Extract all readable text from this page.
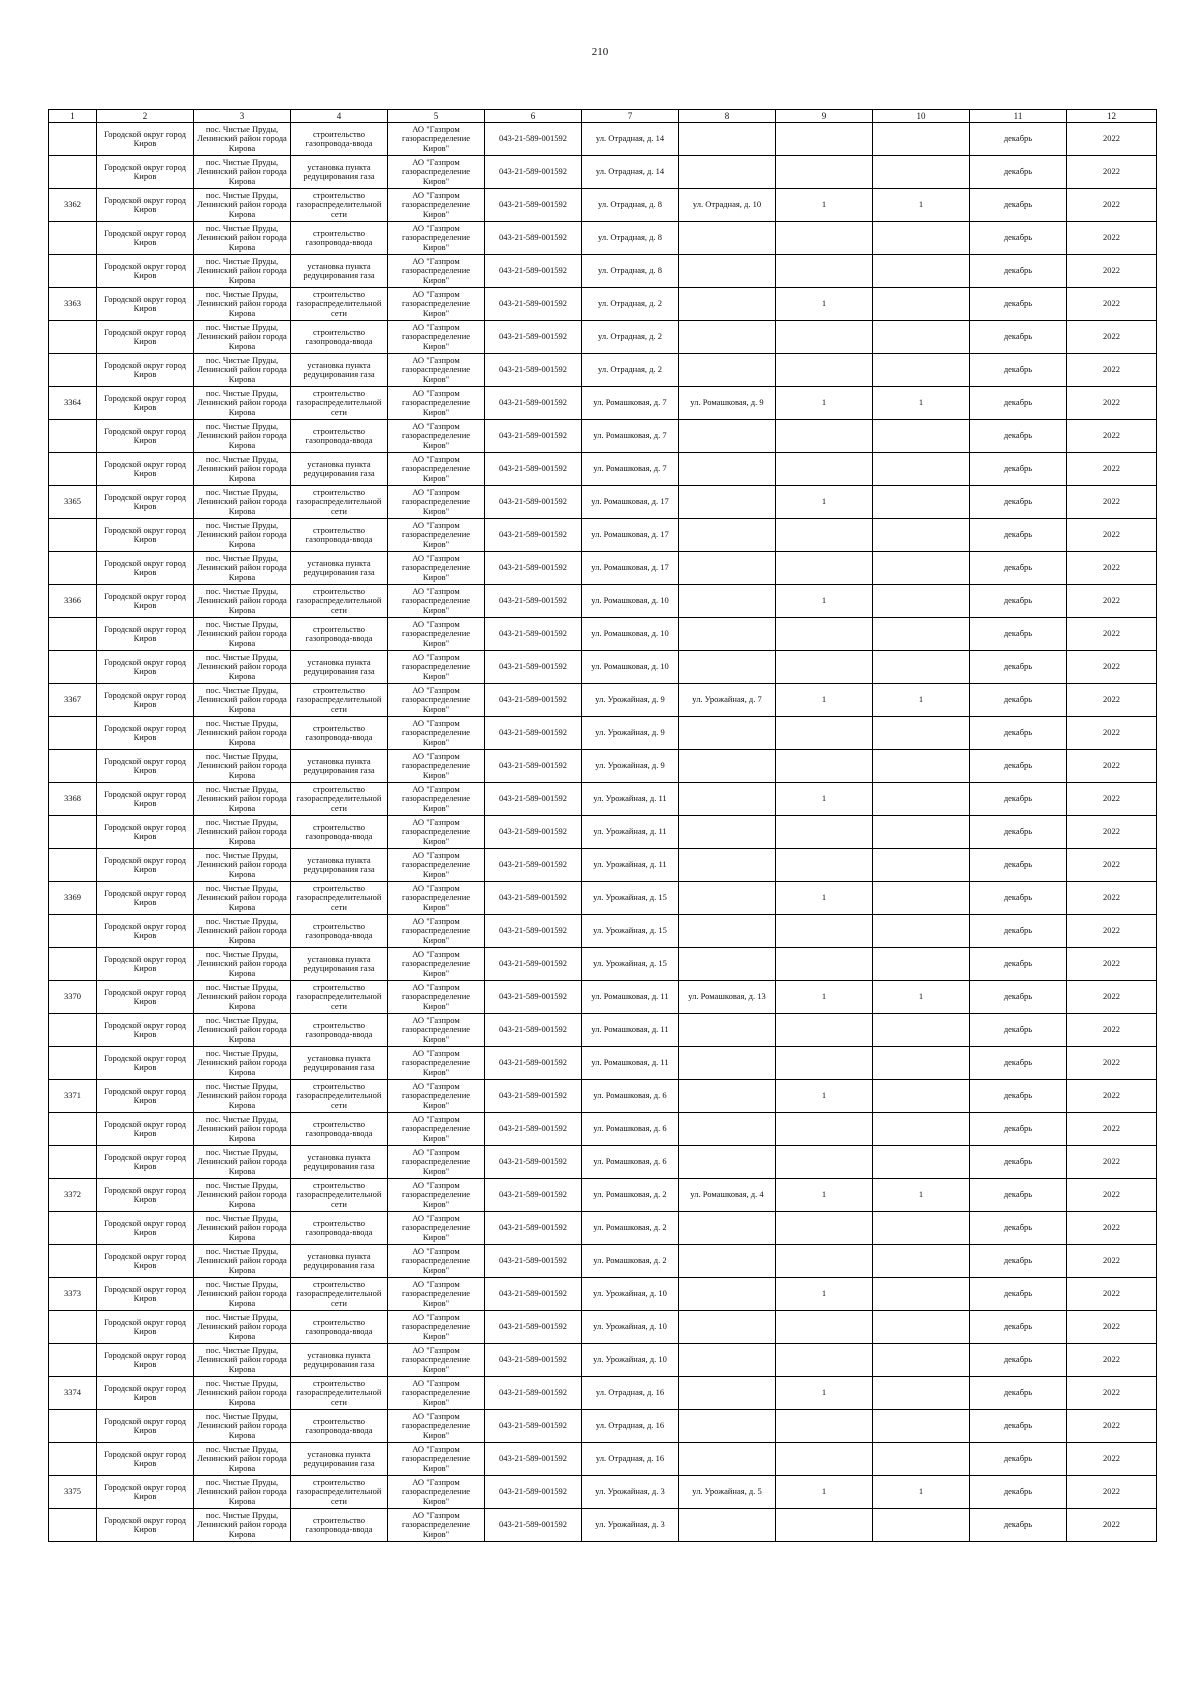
210
1	2	3	4	5	6	7	8	9	10	11	12
	Городской округ город Киров	пос. Чистые Пруды, Ленинский район города Кирова	строительство газопровода-ввода	АО "Газпром газораспределение Киров"	043-21-589-001592	ул. Отрадная, д. 14				декабрь	2022
	Городской округ город Киров	пос. Чистые Пруды, Ленинский район города Кирова	установка пункта редуцирования газа	АО "Газпром газораспределение Киров"	043-21-589-001592	ул. Отрадная, д. 14				декабрь	2022
3362	Городской округ город Киров	пос. Чистые Пруды, Ленинский район города Кирова	строительство газораспределительной сети	АО "Газпром газораспределение Киров"	043-21-589-001592	ул. Отрадная, д. 8	ул. Отрадная, д. 10	1	1	декабрь	2022
	Городской округ город Киров	пос. Чистые Пруды, Ленинский район города Кирова	строительство газопровода-ввода	АО "Газпром газораспределение Киров"	043-21-589-001592	ул. Отрадная, д. 8				декабрь	2022
	Городской округ город Киров	пос. Чистые Пруды, Ленинский район города Кирова	установка пункта редуцирования газа	АО "Газпром газораспределение Киров"	043-21-589-001592	ул. Отрадная, д. 8				декабрь	2022
3363	Городской округ город Киров	пос. Чистые Пруды, Ленинский район города Кирова	строительство газораспределительной сети	АО "Газпром газораспределение Киров"	043-21-589-001592	ул. Отрадная, д. 2		1		декабрь	2022
	Городской округ город Киров	пос. Чистые Пруды, Ленинский район города Кирова	строительство газопровода-ввода	АО "Газпром газораспределение Киров"	043-21-589-001592	ул. Отрадная, д. 2				декабрь	2022
	Городской округ город Киров	пос. Чистые Пруды, Ленинский район города Кирова	установка пункта редуцирования газа	АО "Газпром газораспределение Киров"	043-21-589-001592	ул. Отрадная, д. 2				декабрь	2022
3364	Городской округ город Киров	пос. Чистые Пруды, Ленинский район города Кирова	строительство газораспределительной сети	АО "Газпром газораспределение Киров"	043-21-589-001592	ул. Ромашковая, д. 7	ул. Ромашковая, д. 9	1	1	декабрь	2022
	Городской округ город Киров	пос. Чистые Пруды, Ленинский район города Кирова	строительство газопровода-ввода	АО "Газпром газораспределение Киров"	043-21-589-001592	ул. Ромашковая, д. 7				декабрь	2022
	Городской округ город Киров	пос. Чистые Пруды, Ленинский район города Кирова	установка пункта редуцирования газа	АО "Газпром газораспределение Киров"	043-21-589-001592	ул. Ромашковая, д. 7				декабрь	2022
3365	Городской округ город Киров	пос. Чистые Пруды, Ленинский район города Кирова	строительство газораспределительной сети	АО "Газпром газораспределение Киров"	043-21-589-001592	ул. Ромашковая, д. 17		1		декабрь	2022
	Городской округ город Киров	пос. Чистые Пруды, Ленинский район города Кирова	строительство газопровода-ввода	АО "Газпром газораспределение Киров"	043-21-589-001592	ул. Ромашковая, д. 17				декабрь	2022
	Городской округ город Киров	пос. Чистые Пруды, Ленинский район города Кирова	установка пункта редуцирования газа	АО "Газпром газораспределение Киров"	043-21-589-001592	ул. Ромашковая, д. 17				декабрь	2022
3366	Городской округ город Киров	пос. Чистые Пруды, Ленинский район города Кирова	строительство газораспределительной сети	АО "Газпром газораспределение Киров"	043-21-589-001592	ул. Ромашковая, д. 10		1		декабрь	2022
	Городской округ город Киров	пос. Чистые Пруды, Ленинский район города Кирова	строительство газопровода-ввода	АО "Газпром газораспределение Киров"	043-21-589-001592	ул. Ромашковая, д. 10				декабрь	2022
	Городской округ город Киров	пос. Чистые Пруды, Ленинский район города Кирова	установка пункта редуцирования газа	АО "Газпром газораспределение Киров"	043-21-589-001592	ул. Ромашковая, д. 10				декабрь	2022
3367	Городской округ город Киров	пос. Чистые Пруды, Ленинский район города Кирова	строительство газораспределительной сети	АО "Газпром газораспределение Киров"	043-21-589-001592	ул. Урожайная, д. 9	ул. Урожайная, д. 7	1	1	декабрь	2022
	Городской округ город Киров	пос. Чистые Пруды, Ленинский район города Кирова	строительство газопровода-ввода	АО "Газпром газораспределение Киров"	043-21-589-001592	ул. Урожайная, д. 9				декабрь	2022
	Городской округ город Киров	пос. Чистые Пруды, Ленинский район города Кирова	установка пункта редуцирования газа	АО "Газпром газораспределение Киров"	043-21-589-001592	ул. Урожайная, д. 9				декабрь	2022
3368	Городской округ город Киров	пос. Чистые Пруды, Ленинский район города Кирова	строительство газораспределительной сети	АО "Газпром газораспределение Киров"	043-21-589-001592	ул. Урожайная, д. 11		1		декабрь	2022
	Городской округ город Киров	пос. Чистые Пруды, Ленинский район города Кирова	строительство газопровода-ввода	АО "Газпром газораспределение Киров"	043-21-589-001592	ул. Урожайная, д. 11				декабрь	2022
	Городской округ город Киров	пос. Чистые Пруды, Ленинский район города Кирова	установка пункта редуцирования газа	АО "Газпром газораспределение Киров"	043-21-589-001592	ул. Урожайная, д. 11				декабрь	2022
3369	Городской округ город Киров	пос. Чистые Пруды, Ленинский район города Кирова	строительство газораспределительной сети	АО "Газпром газораспределение Киров"	043-21-589-001592	ул. Урожайная, д. 15		1		декабрь	2022
	Городской округ город Киров	пос. Чистые Пруды, Ленинский район города Кирова	строительство газопровода-ввода	АО "Газпром газораспределение Киров"	043-21-589-001592	ул. Урожайная, д. 15				декабрь	2022
	Городской округ город Киров	пос. Чистые Пруды, Ленинский район города Кирова	установка пункта редуцирования газа	АО "Газпром газораспределение Киров"	043-21-589-001592	ул. Урожайная, д. 15				декабрь	2022
3370	Городской округ город Киров	пос. Чистые Пруды, Ленинский район города Кирова	строительство газораспределительной сети	АО "Газпром газораспределение Киров"	043-21-589-001592	ул. Ромашковая, д. 11	ул. Ромашковая, д. 13	1	1	декабрь	2022
	Городской округ город Киров	пос. Чистые Пруды, Ленинский район города Кирова	строительство газопровода-ввода	АО "Газпром газораспределение Киров"	043-21-589-001592	ул. Ромашковая, д. 11				декабрь	2022
	Городской округ город Киров	пос. Чистые Пруды, Ленинский район города Кирова	установка пункта редуцирования газа	АО "Газпром газораспределение Киров"	043-21-589-001592	ул. Ромашковая, д. 11				декабрь	2022
3371	Городской округ город Киров	пос. Чистые Пруды, Ленинский район города Кирова	строительство газораспределительной сети	АО "Газпром газораспределение Киров"	043-21-589-001592	ул. Ромашковая, д. 6		1		декабрь	2022
	Городской округ город Киров	пос. Чистые Пруды, Ленинский район города Кирова	строительство газопровода-ввода	АО "Газпром газораспределение Киров"	043-21-589-001592	ул. Ромашковая, д. 6				декабрь	2022
	Городской округ город Киров	пос. Чистые Пруды, Ленинский район города Кирова	установка пункта редуцирования газа	АО "Газпром газораспределение Киров"	043-21-589-001592	ул. Ромашковая, д. 6				декабрь	2022
3372	Городской округ город Киров	пос. Чистые Пруды, Ленинский район города Кирова	строительство газораспределительной сети	АО "Газпром газораспределение Киров"	043-21-589-001592	ул. Ромашковая, д. 2	ул. Ромашковая, д. 4	1	1	декабрь	2022
	Городской округ город Киров	пос. Чистые Пруды, Ленинский район города Кирова	строительство газопровода-ввода	АО "Газпром газораспределение Киров"	043-21-589-001592	ул. Ромашковая, д. 2				декабрь	2022
	Городской округ город Киров	пос. Чистые Пруды, Ленинский район города Кирова	установка пункта редуцирования газа	АО "Газпром газораспределение Киров"	043-21-589-001592	ул. Ромашковая, д. 2				декабрь	2022
3373	Городской округ город Киров	пос. Чистые Пруды, Ленинский район города Кирова	строительство газораспределительной сети	АО "Газпром газораспределение Киров"	043-21-589-001592	ул. Урожайная, д. 10		1		декабрь	2022
	Городской округ город Киров	пос. Чистые Пруды, Ленинский район города Кирова	строительство газопровода-ввода	АО "Газпром газораспределение Киров"	043-21-589-001592	ул. Урожайная, д. 10				декабрь	2022
	Городской округ город Киров	пос. Чистые Пруды, Ленинский район города Кирова	установка пункта редуцирования газа	АО "Газпром газораспределение Киров"	043-21-589-001592	ул. Урожайная, д. 10				декабрь	2022
3374	Городской округ город Киров	пос. Чистые Пруды, Ленинский район города Кирова	строительство газораспределительной сети	АО "Газпром газораспределение Киров"	043-21-589-001592	ул. Отрадная, д. 16		1		декабрь	2022
	Городской округ город Киров	пос. Чистые Пруды, Ленинский район города Кирова	строительство газопровода-ввода	АО "Газпром газораспределение Киров"	043-21-589-001592	ул. Отрадная, д. 16				декабрь	2022
	Городской округ город Киров	пос. Чистые Пруды, Ленинский район города Кирова	установка пункта редуцирования газа	АО "Газпром газораспределение Киров"	043-21-589-001592	ул. Отрадная, д. 16				декабрь	2022
3375	Городской округ город Киров	пос. Чистые Пруды, Ленинский район города Кирова	строительство газораспределительной сети	АО "Газпром газораспределение Киров"	043-21-589-001592	ул. Урожайная, д. 3	ул. Урожайная, д. 5	1	1	декабрь	2022
	Городской округ город Киров	пос. Чистые Пруды, Ленинский район города Кирова	строительство газопровода-ввода	АО "Газпром газораспределение Киров"	043-21-589-001592	ул. Урожайная, д. 3				декабрь	2022
